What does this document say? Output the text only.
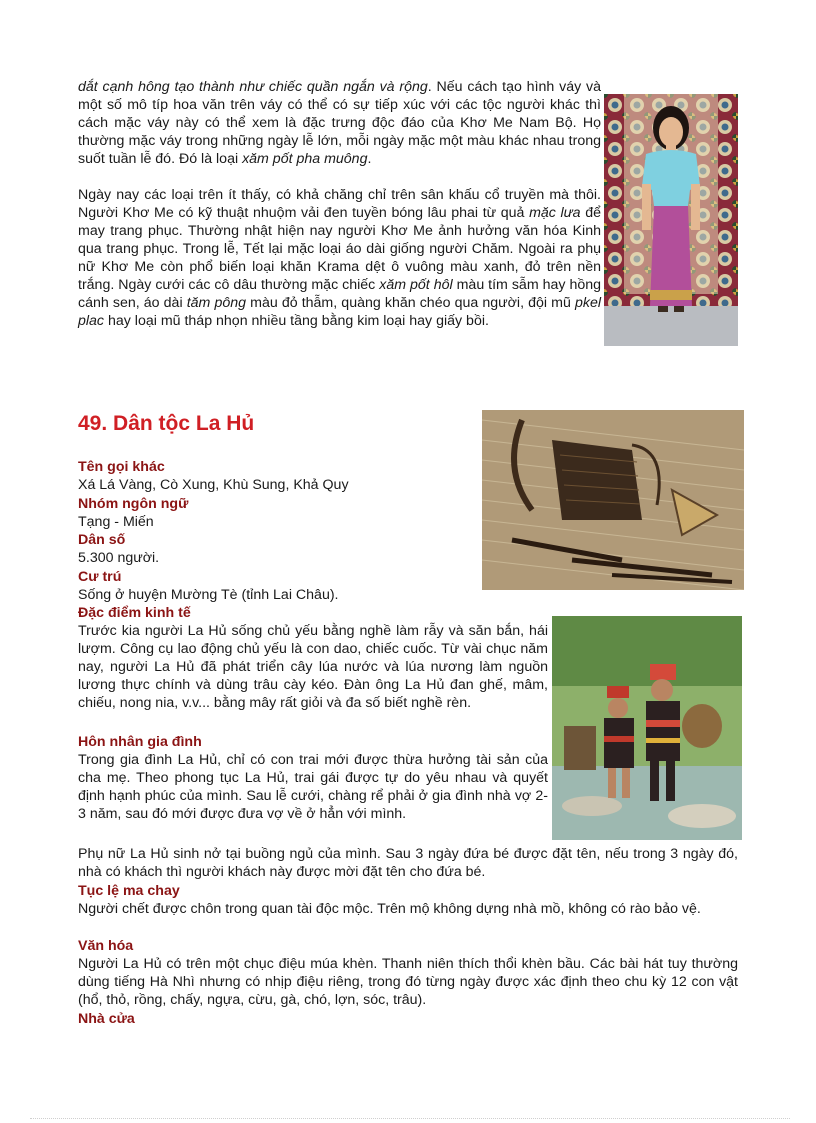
dắt cạnh hông tạo thành như chiếc quần ngắn và rộng. Nếu cách tạo hình váy và một số mô típ hoa văn trên váy có thể có sự tiếp xúc với các tộc người khác thì cách mặc váy này có thể xem là đặc trưng độc đáo của Khơ Me Nam Bộ. Họ thường mặc váy trong những ngày lễ lớn, mỗi ngày mặc một màu khác nhau trong suốt tuần lễ đó. Đó là loại xăm pốt pha muông.

Ngày nay các loại trên ít thấy, có khả chăng chỉ trên sân khấu cổ truyền mà thôi. Người Khơ Me có kỹ thuật nhuộm vải đen tuyền bóng lâu phai từ quả mặc lưa để may trang phục. Thường nhật hiện nay người Khơ Me ảnh hưởng văn hóa Kinh qua trang phục. Trong lễ, Tết lại mặc loại áo dài giống người Chăm. Ngoài ra phụ nữ Khơ Me còn phổ biến loại khăn Krama dệt ô vuông màu xanh, đỏ trên nền trắng. Ngày cưới các cô dâu thường mặc chiếc xăm pốt hôl màu tím sẫm hay hồng cánh sen, áo dài tăm pông màu đỏ thẫm, quàng khăn chéo qua người, đội mũ pkel plac hay loại mũ tháp nhọn nhiều tầng bằng kim loại hay giấy bồi.

49. Dân tộc La Hủ

Tên gọi khác

Xá Lá Vàng, Cò Xung, Khù Sung, Khả Quy

Nhóm ngôn ngữ

Tạng - Miến

Dân số

5.300 người.

Cư trú

Sống ở huyện Mường Tè (tỉnh Lai Châu).

Đặc điểm kinh tế

Trước kia người La Hủ sống chủ yếu bằng nghề làm rẫy và săn bắn, hái lượm. Công cụ lao động chủ yếu là con dao, chiếc cuốc. Từ vài chục năm nay, người La Hủ đã phát triển cây lúa nước và lúa nương làm nguồn lương thực chính và dùng trâu cày kéo. Đàn ông La Hủ đan ghế, mâm, chiếu, nong nia, v.v... bằng mây rất giỏi và đa số biết nghề rèn.

Hôn nhân gia đình

Trong gia đình La Hủ, chỉ có con trai mới được thừa hưởng tài sản của cha mẹ. Theo phong tục La Hủ, trai gái được tự do yêu nhau và quyết định hạnh phúc của mình. Sau lễ cưới, chàng rể phải ở gia đình nhà vợ 2-3 năm, sau đó mới được đưa vợ về ở hẳn với mình.

Phụ nữ La Hủ sinh nở tại buồng ngủ của mình. Sau 3 ngày đứa bé được đặt tên, nếu trong 3 ngày đó, nhà có khách thì người khách này được mời đặt tên cho đứa bé.

Tục lệ ma chay

Người chết được chôn trong quan tài độc mộc. Trên mộ không dựng nhà mồ, không có rào bảo vệ.

Văn hóa

Người La Hủ có trên một chục điệu múa khèn. Thanh niên thích thổi khèn bầu. Các bài hát tuy thường dùng tiếng Hà Nhì nhưng có nhịp điệu riêng, trong đó từng ngày được xác định theo chu kỳ 12 con vật (hổ, thỏ, rồng, chấy, ngựa, cừu, gà, chó, lợn, sóc, trâu).

Nhà cửa
